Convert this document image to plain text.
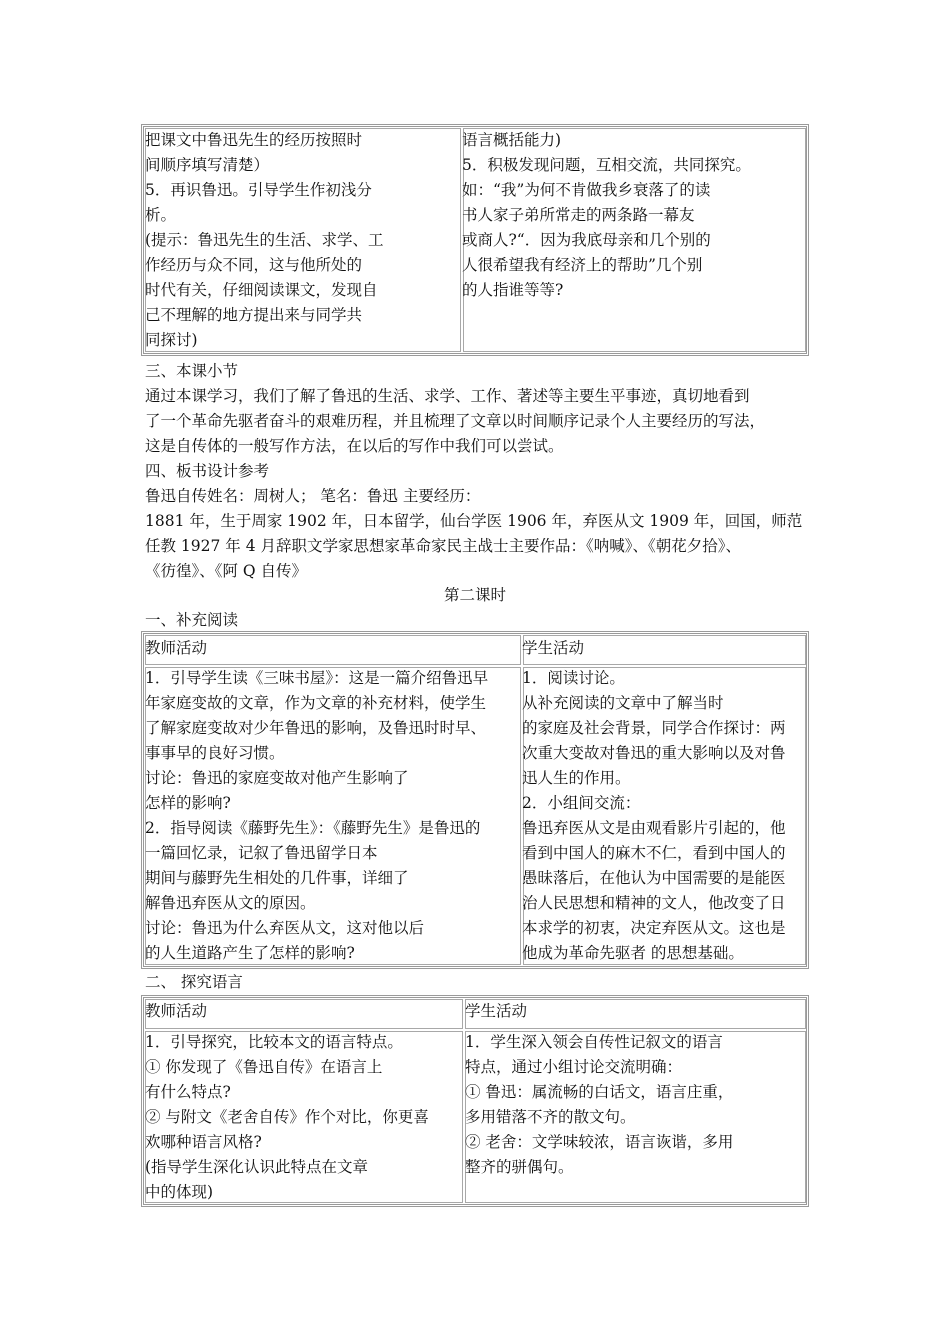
把课文中鲁迅先生的经历按照时
间顺序填写清楚）
5．再识鲁迅。引导学生作初浅分
析。
(提示：鲁迅先生的生活、求学、工
作经历与众不同，这与他所处的
时代有关，仔细阅读课文，发现自
己不理解的地方提出来与同学共
同探讨)
语言概括能力)
5．积极发现问题，互相交流，共同探究。
如：“我”为何不肯做我乡衰落了的读
书人家子弟所常走的两条路一幕友
或商人?“．因为我底母亲和几个别的
人很希望我有经济上的帮助”几个别
的人指谁等等?
三、本课小节
通过本课学习，我们了解了鲁迅的生活、求学、工作、著述等主要生平事迹，真切地看到
了一个革命先驱者奋斗的艰难历程，并且梳理了文章以时间顺序记录个人主要经历的写法，
这是自传体的一般写作方法，在以后的写作中我们可以尝试。
四、板书设计参考
鲁迅自传姓名：周树人； 笔名：鲁迅 主要经历：
1881 年，生于周家 1902 年，日本留学，仙台学医 1906 年，弃医从文 1909 年，回国，师范
任教 1927 年 4 月辞职文学家思想家革命家民主战士主要作品：《呐喊》、《朝花夕拾》、
《彷徨》、《阿 Q 自传》
第二课时
一、补充阅读
教师活动	学生活动
1．引导学生读《三味书屋》：这是一篇介绍鲁迅早
年家庭变故的文章，作为文章的补充材料，使学生
了解家庭变故对少年鲁迅的影响，及鲁迅时时早、
事事早的良好习惯。
讨论：鲁迅的家庭变故对他产生影响了
怎样的影响?
2．指导阅读《藤野先生》：《藤野先生》是鲁迅的
一篇回忆录，记叙了鲁迅留学日本
期间与藤野先生相处的几件事，详细了
解鲁迅弃医从文的原因。
讨论：鲁迅为什么弃医从文，这对他以后
的人生道路产生了怎样的影响?
1．阅读讨论。
从补充阅读的文章中了解当时
的家庭及社会背景，同学合作探讨：两
次重大变故对鲁迅的重大影响以及对鲁
迅人生的作用。
2．小组间交流：
鲁迅弃医从文是由观看影片引起的，他
看到中国人的麻木不仁，看到中国人的
愚昧落后，在他认为中国需要的是能医
治人民思想和精神的文人，他改变了日
本求学的初衷，决定弃医从文。这也是
他成为革命先驱者 的思想基础。
二、 探究语言
教师活动	学生活动
1．引导探究，比较本文的语言特点。
① 你发现了《鲁迅自传》在语言上
有什么特点?
② 与附文《老舍自传》作个对比，你更喜
欢哪种语言风格?
(指导学生深化认识此特点在文章
中的体现)
1．学生深入领会自传性记叙文的语言
特点，通过小组讨论交流明确：
① 鲁迅：属流畅的白话文，语言庄重，
多用错落不齐的散文句。
② 老舍：文学味较浓，语言诙谐，多用
整齐的骈偶句。
